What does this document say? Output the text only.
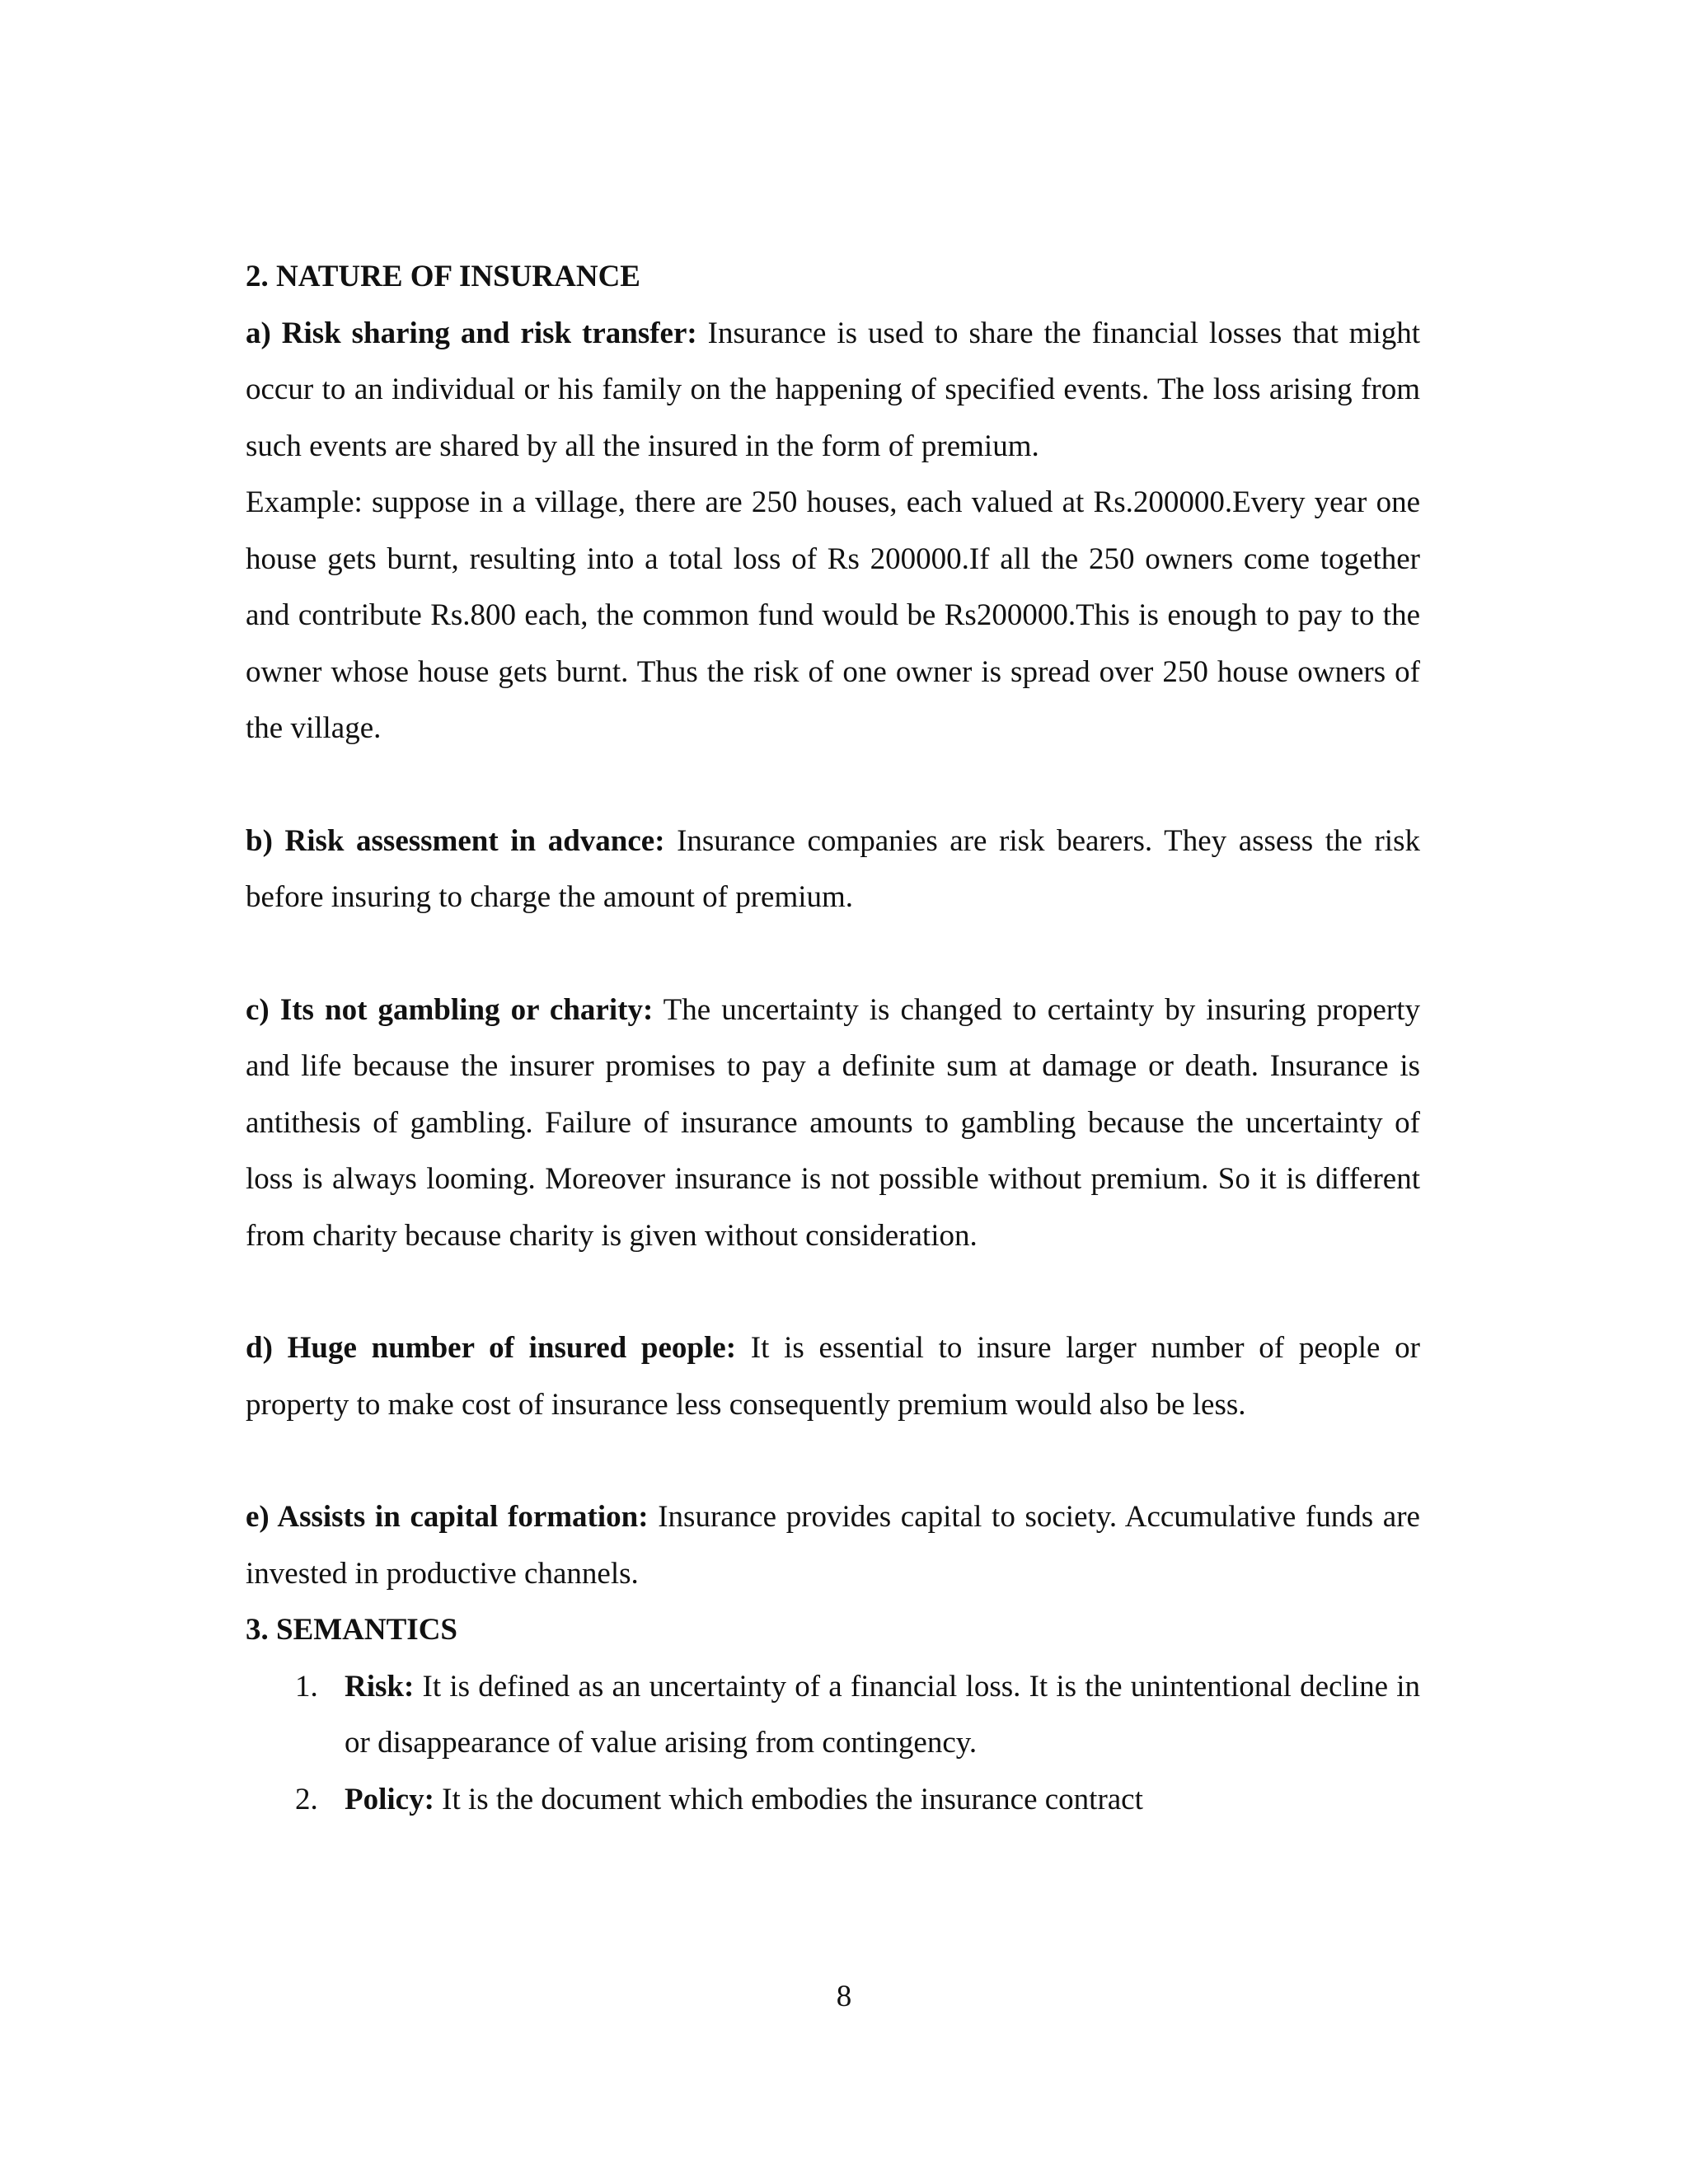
2. NATURE OF INSURANCE

a) Risk sharing and risk transfer: Insurance is used to share the financial losses that might occur to an individual or his family on the happening of specified events. The loss arising from such events are shared by all the insured in the form of premium.

Example: suppose in a village, there are 250 houses, each valued at Rs.200000.Every year one house gets burnt, resulting into a total loss of Rs 200000.If all the 250 owners come together and contribute Rs.800 each, the common fund would be Rs200000.This is enough to pay to the owner whose house gets burnt. Thus the risk of one owner is spread over 250 house owners of the village.

b) Risk assessment in advance: Insurance companies are risk bearers. They assess the risk before insuring to charge the amount of premium.

c) Its not gambling or charity: The uncertainty is changed to certainty by insuring property and life because the insurer promises to pay a definite sum at damage or death. Insurance is antithesis of gambling. Failure of insurance amounts to gambling because the uncertainty of loss is always looming. Moreover insurance is not possible without premium. So it is different from charity because charity is given without consideration.

d) Huge number of insured people: It is essential to insure larger number of people or property to make cost of insurance less consequently premium would also be less.

e) Assists in capital formation: Insurance provides capital to society. Accumulative funds are invested in productive channels.

3. SEMANTICS

1. Risk: It is defined as an uncertainty of a financial loss. It is the unintentional decline in or disappearance of value arising from contingency.
2. Policy: It is the document which embodies the insurance contract
8
